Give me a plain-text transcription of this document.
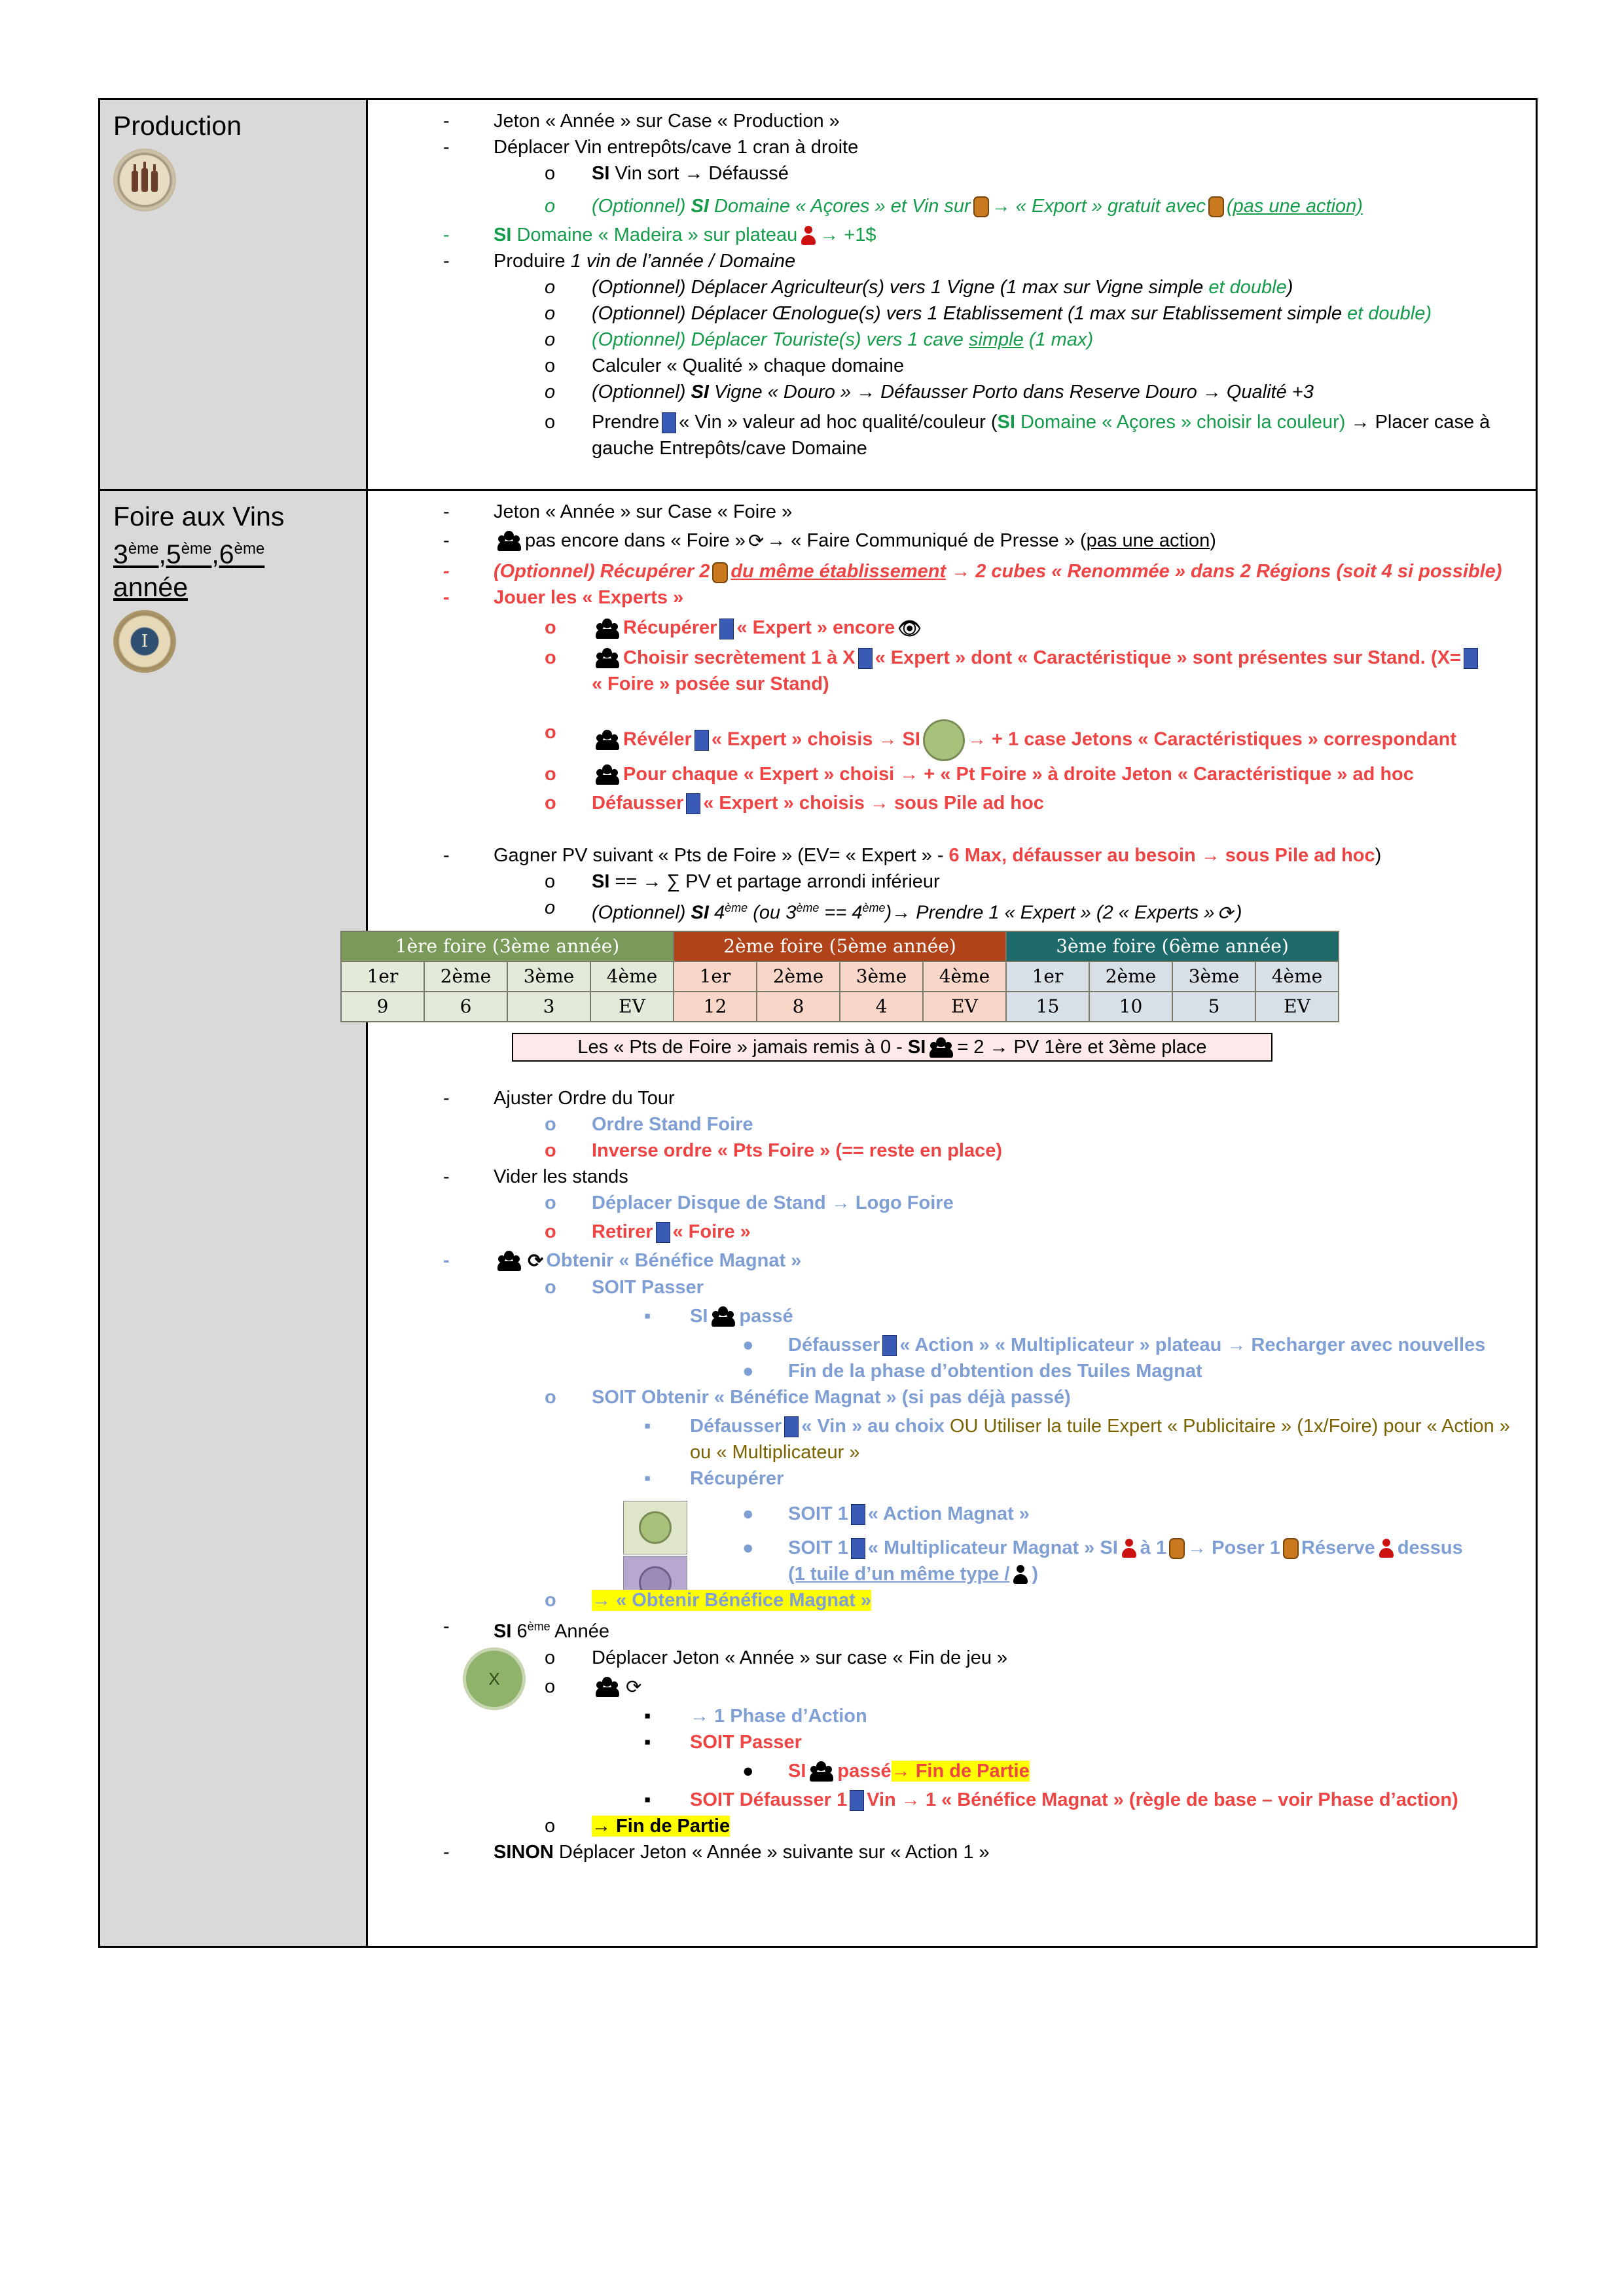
Production	- Jeton « Année » sur Case « Production »
- Déplacer Vin entrepôts/cave 1 cran à droite
o SI Vin sort → Défaussé
o (Optionnel) SI Domaine « Açores » et Vin sur → « Export » gratuit avec (pas une action)
- SI Domaine « Madeira » sur plateau → +1$
- Produire 1 vin de l’année / Domaine
o (Optionnel) Déplacer Agriculteur(s) vers 1 Vigne (1 max sur Vigne simple et double)
o (Optionnel) Déplacer Œnologue(s) vers 1 Etablissement (1 max sur Etablissement simple et double)
o (Optionnel) Déplacer Touriste(s) vers 1 cave simple (1 max)
o Calculer « Qualité » chaque domaine
o (Optionnel) SI Vigne « Douro » → Défausser Porto dans Reserve Douro → Qualité +3
o Prendre « Vin » valeur ad hoc qualité/couleur (SI Domaine « Açores » choisir la couleur) → Placer case à gauche Entrepôts/cave Domaine
Foire aux Vins
3ème,5ème,6ème
année
I
- Jeton « Année » sur Case « Foire »
-	pas encore dans « Foire » ⟳ → « Faire Communiqué de Presse » (pas une action)
- (Optionnel) Récupérer 2 du même établissement → 2 cubes « Renommée » dans 2 Régions (soit 4 si possible)
- Jouer les « Experts »
o	Récupérer « Expert » encore 👁
o	Choisir secrètement 1 à X « Expert » dont « Caractéristique » sont présentes sur Stand. (X=
« Foire » posée sur Stand)
o	Révéler « Expert » choisis → SI → + 1 case Jetons « Caractéristiques » correspondant
o	Pour chaque « Expert » choisi → + « Pt Foire » à droite Jeton « Caractéristique » ad hoc
o Défausser « Expert » choisis → sous Pile ad hoc
- Gagner PV suivant « Pts de Foire » (EV= « Expert » - 6 Max, défausser au besoin → sous Pile ad hoc)
o SI == → ∑ PV et partage arrondi inférieur
o (Optionnel) SI 4ème (ou 3ème == 4ème)→ Prendre 1 « Expert » (2 « Experts » ⟳ )
1ère foire (3ème année)				2ème foire (5ème année)				3ème foire (6ème année)			
1er	2ème	3ème	4ème	1er	2ème	3ème	4ème	1er	2ème	3ème	4ème
9	6	3	EV	12	8	4	EV	15	10	5	EV
Les « Pts de Foire » jamais remis à 0 - SI = 2 → PV 1ère et 3ème place
- Ajuster Ordre du Tour
o Ordre Stand Foire
o Inverse ordre « Pts Foire » (== reste en place)
- Vider les stands
o Déplacer Disque de Stand → Logo Foire
o Retirer « Foire »
-	⟳ Obtenir « Bénéfice Magnat »
o SOIT Passer
▪ SI passé
● Défausser « Action » « Multiplicateur » plateau → Recharger avec nouvelles
● Fin de la phase d’obtention des Tuiles Magnat
o SOIT Obtenir « Bénéfice Magnat » (si pas déjà passé)
▪ Défausser « Vin » au choix OU Utiliser la tuile Expert « Publicitaire » (1x/Foire) pour « Action » ou « Multiplicateur »
▪ Récupérer
● SOIT 1 « Action Magnat »
● SOIT 1 « Multiplicateur Magnat » SI à 1 → Poser 1 Réserve dessus
(1 tuile d’un même type / )
o → « Obtenir Bénéfice Magnat »
- SI 6ème Année
X
o Déplacer Jeton « Année » sur case « Fin de jeu »
o	⟳
▪ → 1 Phase d’Action
▪ SOIT Passer
● SI passé→ Fin de Partie
▪ SOIT Défausser 1 Vin → 1 « Bénéfice Magnat » (règle de base – voir Phase d’action)
o → Fin de Partie
- SINON Déplacer Jeton « Année » suivante sur « Action 1 »
